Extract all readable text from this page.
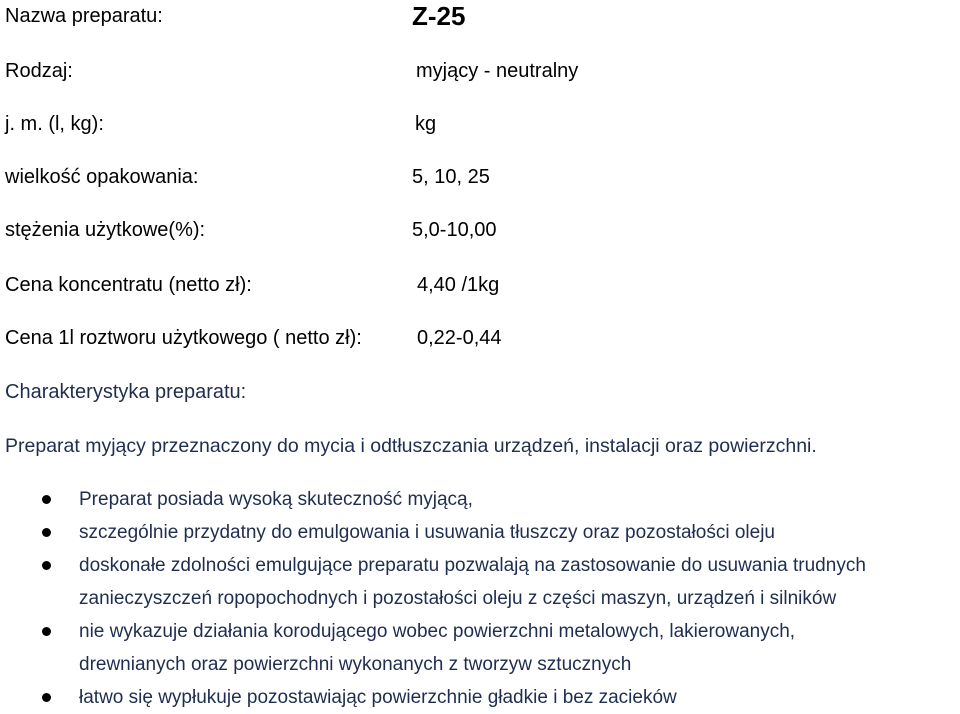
Nazwa preparatu:	Z-25
Rodzaj:	myjący - neutralny
j. m. (l, kg):	kg
wielkość opakowania:	5, 10, 25
stężenia użytkowe(%):	5,0-10,00
Cena koncentratu (netto zł):	4,40 /1kg
Cena 1l roztworu użytkowego ( netto zł):	0,22-0,44
Charakterystyka preparatu:
Preparat myjący przeznaczony do mycia i odtłuszczania urządzeń, instalacji oraz powierzchni.
Preparat posiada wysoką skuteczność myjącą,
szczególnie przydatny do emulgowania i usuwania tłuszczy oraz pozostałości oleju
doskonałe zdolności emulgujące preparatu pozwalają na zastosowanie do usuwania trudnych
zanieczyszczeń ropopochodnych i pozostałości oleju z części maszyn, urządzeń i silników
nie wykazuje działania korodującego wobec powierzchni metalowych, lakierowanych,
drewnianych oraz powierzchni wykonanych z tworzyw sztucznych
łatwo się wypłukuje pozostawiając powierzchnie gładkie i bez zacieków
